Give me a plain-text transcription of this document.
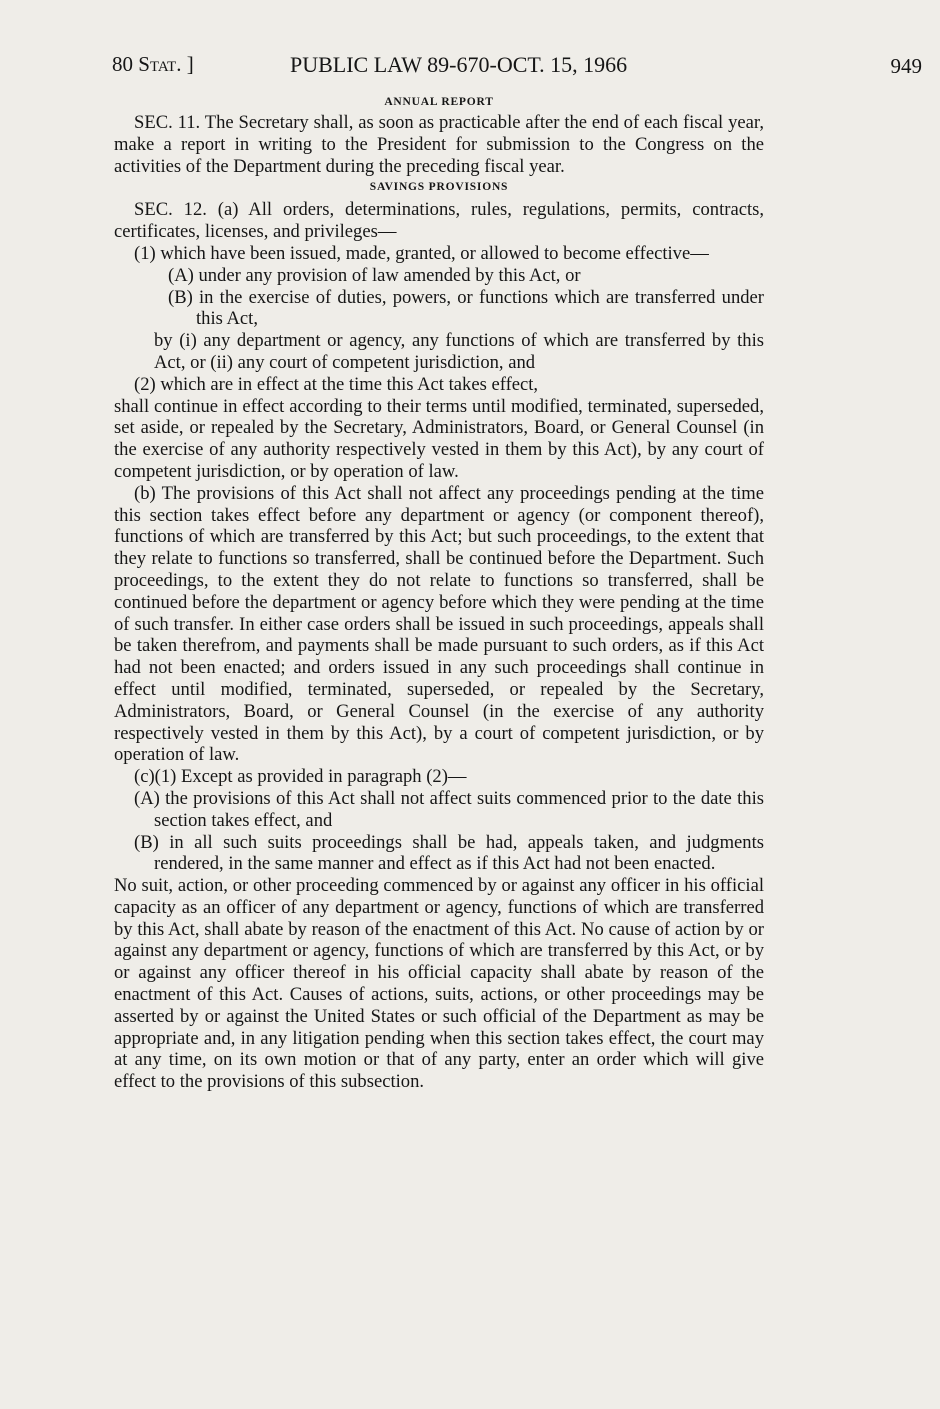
80 Stat. ]	PUBLIC LAW 89-670-OCT. 15, 1966	949
ANNUAL REPORT

SEC. 11. The Secretary shall, as soon as practicable after the end of each fiscal year, make a report in writing to the President for submission to the Congress on the activities of the Department during the preceding fiscal year.

SAVINGS PROVISIONS

SEC. 12. (a) All orders, determinations, rules, regulations, permits, contracts, certificates, licenses, and privileges—

(1) which have been issued, made, granted, or allowed to become effective—

(A) under any provision of law amended by this Act, or

(B) in the exercise of duties, powers, or functions which are transferred under this Act,

by (i) any department or agency, any functions of which are transferred by this Act, or (ii) any court of competent jurisdiction, and

(2) which are in effect at the time this Act takes effect,

shall continue in effect according to their terms until modified, terminated, superseded, set aside, or repealed by the Secretary, Administrators, Board, or General Counsel (in the exercise of any authority respectively vested in them by this Act), by any court of competent jurisdiction, or by operation of law.

(b) The provisions of this Act shall not affect any proceedings pending at the time this section takes effect before any department or agency (or component thereof), functions of which are transferred by this Act; but such proceedings, to the extent that they relate to functions so transferred, shall be continued before the Department. Such proceedings, to the extent they do not relate to functions so transferred, shall be continued before the department or agency before which they were pending at the time of such transfer. In either case orders shall be issued in such proceedings, appeals shall be taken therefrom, and payments shall be made pursuant to such orders, as if this Act had not been enacted; and orders issued in any such proceedings shall continue in effect until modified, terminated, superseded, or repealed by the Secretary, Administrators, Board, or General Counsel (in the exercise of any authority respectively vested in them by this Act), by a court of competent jurisdiction, or by operation of law.

(c)(1) Except as provided in paragraph (2)—

(A) the provisions of this Act shall not affect suits commenced prior to the date this section takes effect, and

(B) in all such suits proceedings shall be had, appeals taken, and judgments rendered, in the same manner and effect as if this Act had not been enacted.

No suit, action, or other proceeding commenced by or against any officer in his official capacity as an officer of any department or agency, functions of which are transferred by this Act, shall abate by reason of the enactment of this Act. No cause of action by or against any department or agency, functions of which are transferred by this Act, or by or against any officer thereof in his official capacity shall abate by reason of the enactment of this Act. Causes of actions, suits, actions, or other proceedings may be asserted by or against the United States or such official of the Department as may be appropriate and, in any litigation pending when this section takes effect, the court may at any time, on its own motion or that of any party, enter an order which will give effect to the provisions of this subsection.
